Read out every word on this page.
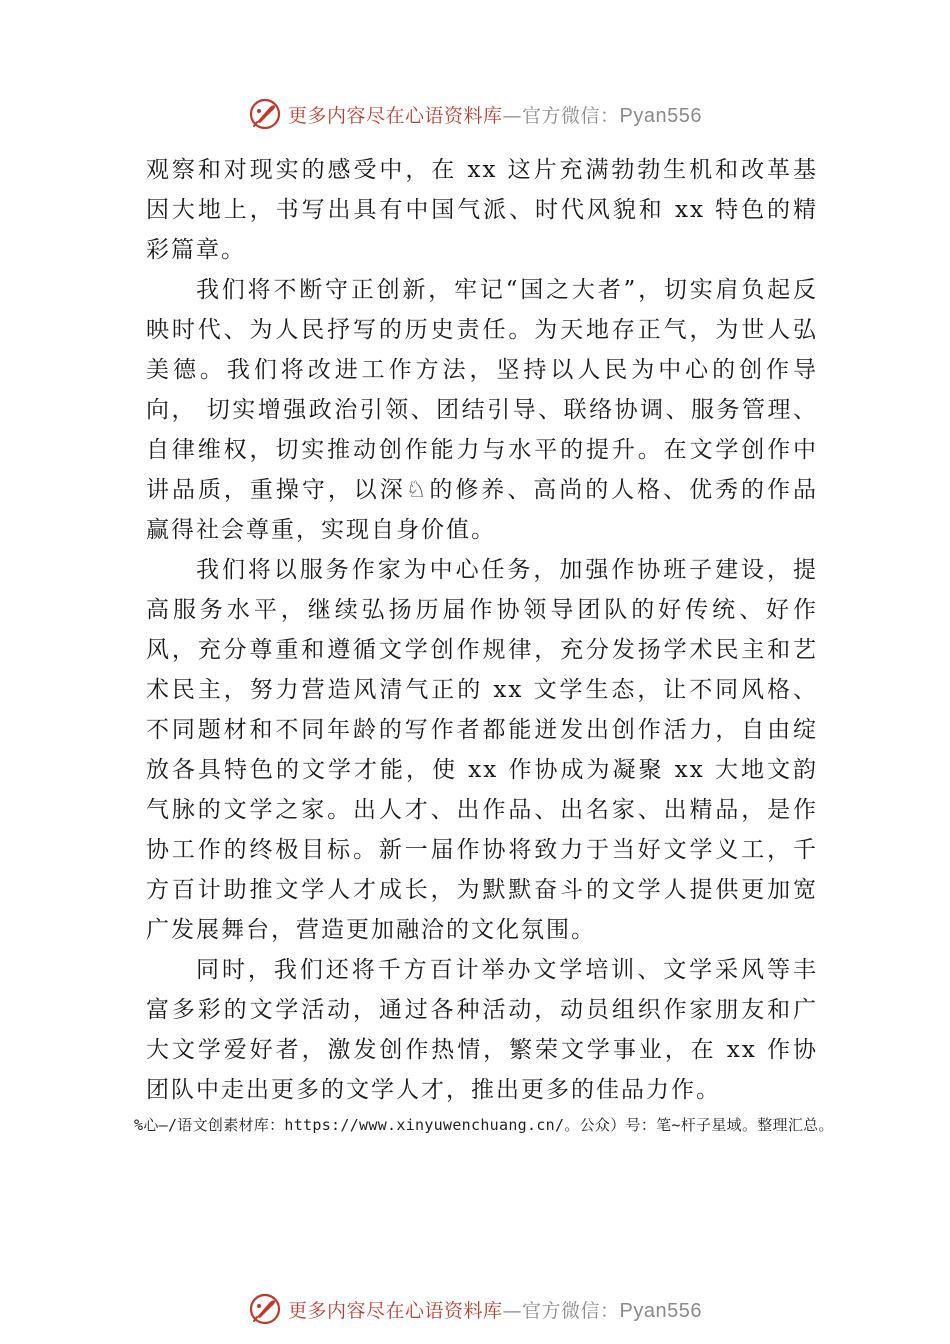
更多内容尽在心语资料库—官方微信：Pyan556

观察和对现实的感受中，在 xx 这片充满勃勃生机和改革基因大地上，书写出具有中国气派、时代风貌和 xx 特色的精彩篇章。

我们将不断守正创新，牢记“国之大者”，切实肩负起反映时代、为人民抒写的历史责任。为天地存正气，为世人弘美德。我们将改进工作方法，坚持以人民为中心的创作导向， 切实增强政治引领、团结引导、联络协调、服务管理、自律维权，切实推动创作能力与水平的提升。在文学创作中讲品质，重操守，以深♘的修养、高尚的人格、优秀的作品赢得社会尊重，实现自身价值。

我们将以服务作家为中心任务，加强作协班子建设，提高服务水平，继续弘扬历届作协领导团队的好传统、好作风，充分尊重和遵循文学创作规律，充分发扬学术民主和艺术民主，努力营造风清气正的 xx 文学生态，让不同风格、不同题材和不同年龄的写作者都能迸发出创作活力，自由绽放各具特色的文学才能，使 xx 作协成为凝聚 xx 大地文韵气脉的文学之家。出人才、出作品、出名家、出精品，是作协工作的终极目标。新一届作协将致力于当好文学义工，千方百计助推文学人才成长，为默默奋斗的文学人提供更加宽广发展舞台，营造更加融洽的文化氛围。

同时，我们还将千方百计举办文学培训、文学采风等丰富多彩的文学活动，通过各种活动，动员组织作家朋友和广大文学爱好者，激发创作热情，繁荣文学事业，在 xx 作协团队中走出更多的文学人才，推出更多的佳品力作。

%心—/语文创素材库：https://www.xinyuwenchuang.cn/。公众）号：笔~杆子星域。整理汇总。
更多内容尽在心语资料库—官方微信：Pyan556
